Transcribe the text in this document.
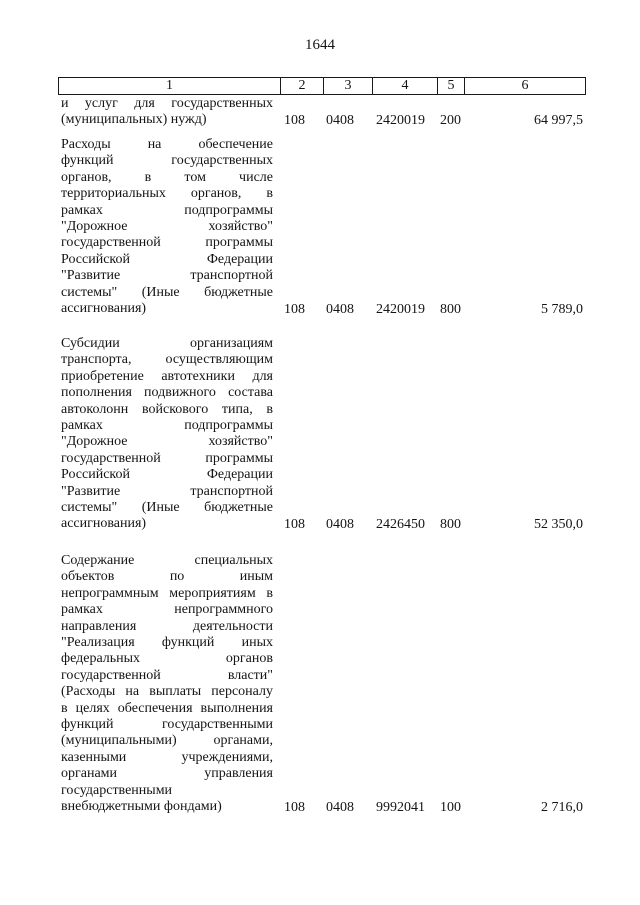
1644
1	2	3	4	5	6
и услуг для государственных
(муниципальных) нужд)	108 0408 2420019 200	64 997,5
Расходы на обеспечение
функций государственных
органов, в том числе
территориальных органов, в
рамках подпрограммы
"Дорожное хозяйство"
государственной программы
Российской Федерации
"Развитие транспортной
системы" (Иные бюджетные
ассигнования)	108 0408 2420019 800	5 789,0
Субсидии организациям
транспорта, осуществляющим
приобретение автотехники для
пополнения подвижного состава
автоколонн войскового типа, в
рамках подпрограммы
"Дорожное хозяйство"
государственной программы
Российской Федерации
"Развитие транспортной
системы" (Иные бюджетные
ассигнования)	108 0408 2426450 800	52 350,0
Содержание специальных
объектов по иным
непрограммным мероприятиям в
рамках непрограммного
направления деятельности
"Реализация функций иных
федеральных органов
государственной власти"
(Расходы на выплаты персоналу
в целях обеспечения выполнения
функций государственными
(муниципальными) органами,
казенными учреждениями,
органами управления
государственными
внебюджетными фондами)	108 0408 9992041 100	2 716,0
